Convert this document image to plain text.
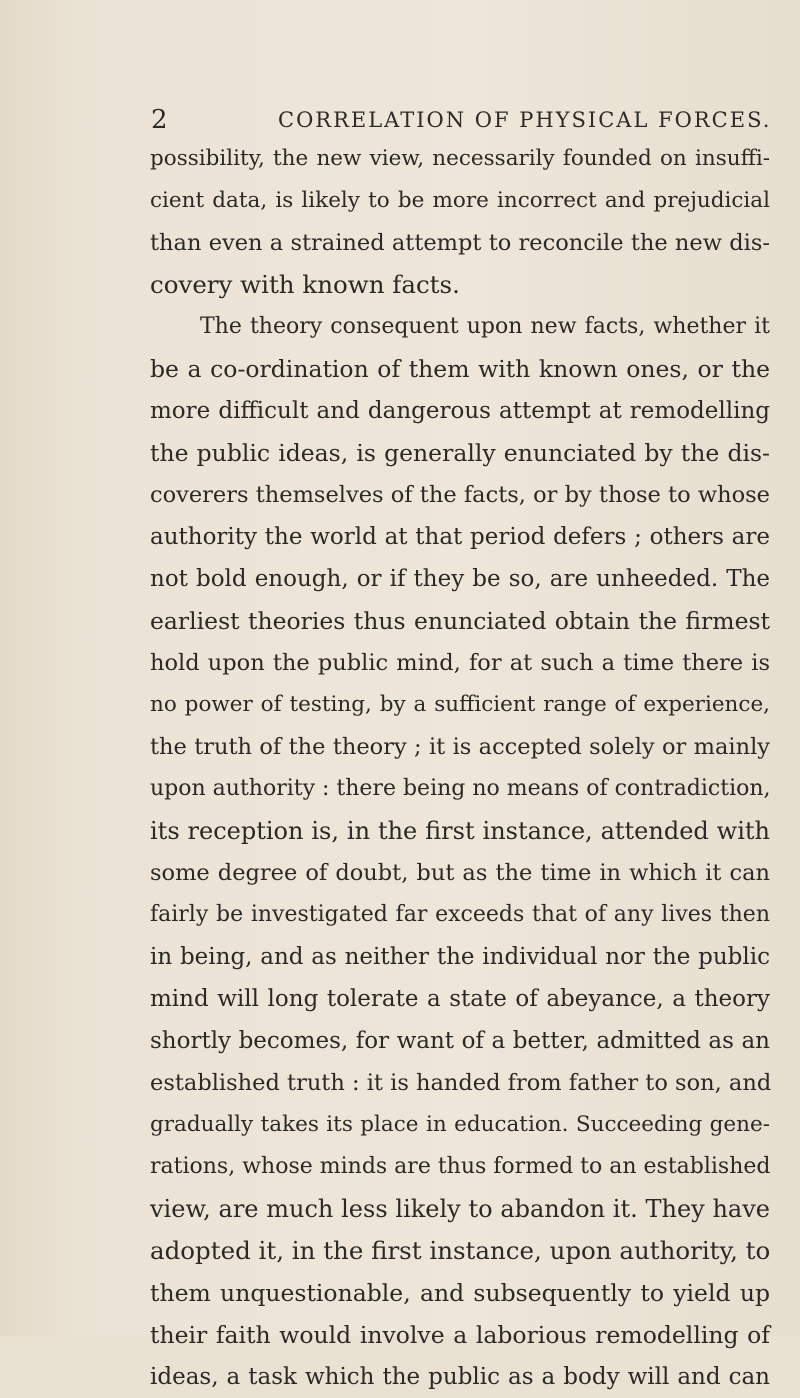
2	CORRELATION OF PHYSICAL FORCES.
possibility, the new view, necessarily founded on insuffi-
cient data, is likely to be more incorrect and prejudicial
than even a strained attempt to reconcile the new dis-
covery with known facts.
The theory consequent upon new facts, whether it
be a co-ordination of them with known ones, or the
more difficult and dangerous attempt at remodelling
the public ideas, is generally enunciated by the dis-
coverers themselves of the facts, or by those to whose
authority the world at that period defers ; others are
not bold enough, or if they be so, are unheeded. The
earliest theories thus enunciated obtain the firmest
hold upon the public mind, for at such a time there is
no power of testing, by a sufficient range of experience,
the truth of the theory ; it is accepted solely or mainly
upon authority : there being no means of contradiction,
its reception is, in the first instance, attended with
some degree of doubt, but as the time in which it can
fairly be investigated far exceeds that of any lives then
in being, and as neither the individual nor the public
mind will long tolerate a state of abeyance, a theory
shortly becomes, for want of a better, admitted as an
established truth : it is handed from father to son, and
gradually takes its place in education. Succeeding gene-
rations, whose minds are thus formed to an established
view, are much less likely to abandon it. They have
adopted it, in the first instance, upon authority, to
them unquestionable, and subsequently to yield up
their faith would involve a laborious remodelling of
ideas, a task which the public as a body will and can
